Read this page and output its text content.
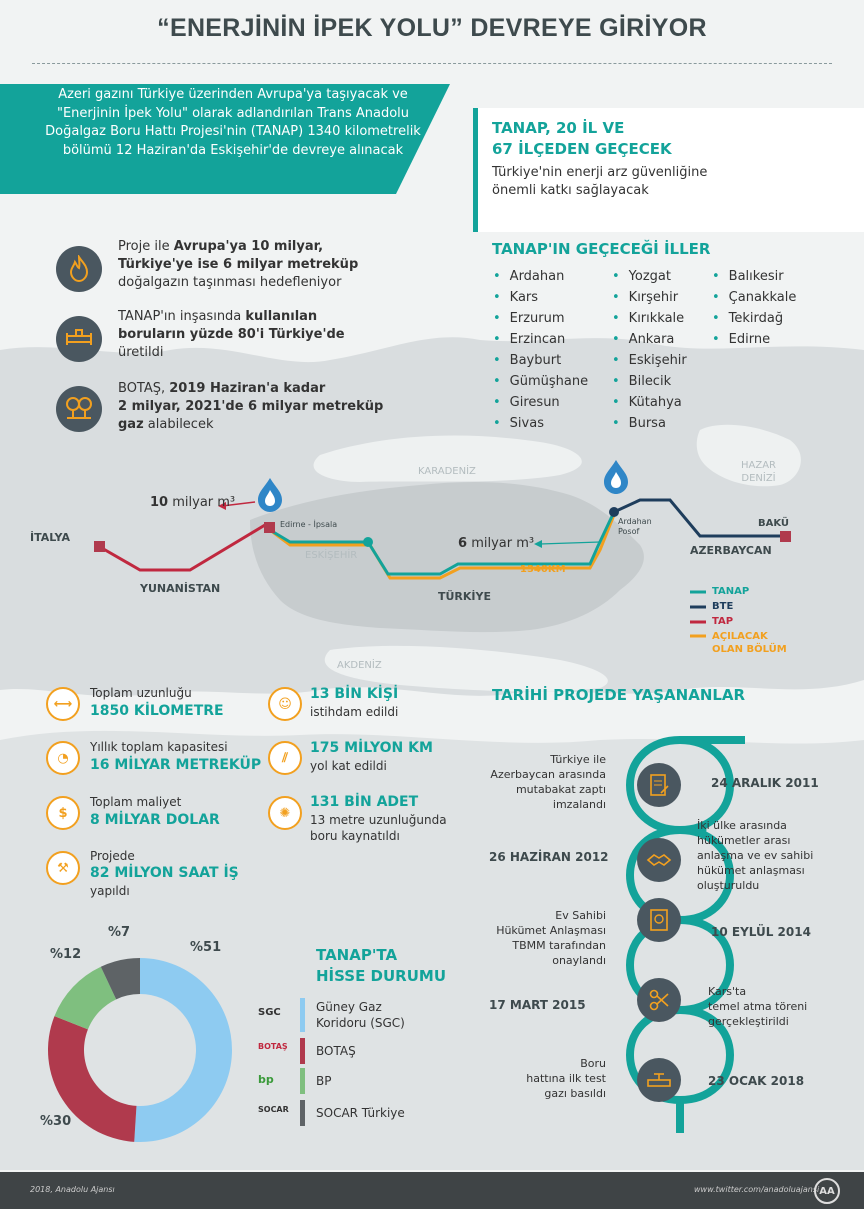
“ENERJİNİN İPEK YOLU” DEVREYE GİRİYOR
Azeri gazını Türkiye üzerinden Avrupa'ya taşıyacak ve "Enerjinin İpek Yolu" olarak adlandırılan Trans Anadolu Doğalgaz Boru Hattı Projesi'nin (TANAP) 1340 kilometrelik bölümü 12 Haziran'da Eskişehir'de devreye alınacak
TANAP, 20 İL VE
67 İLÇEDEN GEÇECEK
Türkiye'nin enerji arz güvenliğine
önemli katkı sağlayacak
TANAP'IN GEÇECEĞİ İLLER
• Ardahan
• Kars
• Erzurum
• Erzincan
• Bayburt
• Gümüşhane
• Giresun
• Sivas
• Yozgat
• Kırşehir
• Kırıkkale
• Ankara
• Eskişehir
• Bilecik
• Kütahya
• Bursa
• Balıkesir
• Çanakkale
• Tekirdağ
• Edirne
Proje ile Avrupa'ya 10 milyar,
Türkiye'ye ise 6 milyar metreküp
doğalgazın taşınması hedefleniyor
TANAP'ın inşasında kullanılan
boruların yüzde 80'i Türkiye'de
üretildi
BOTAŞ, 2019 Haziran'a kadar
2 milyar, 2021'de 6 milyar metreküp
gaz alabilecek
İTALYA
YUNANİSTAN
TÜRKİYE
AZERBAYCAN
KARADENİZ
AKDENİZ
HAZAR
DENİZİ
BAKÜ
Edirne - İpsala
ESKİŞEHİR
Ardahan
Posof
10 milyar m³
6 milyar m³
1340KM
TANAP
BTE
TAP
AÇILACAK
OLAN BÖLÜM
⟷
Toplam uzunluğu
1850 KİLOMETRE
◔
Yıllık toplam kapasitesi
16 MİLYAR METREKÜP
$
Toplam maliyet
8 MİLYAR DOLAR
⚒
Projede
82 MİLYON SAAT İŞ
yapıldı
☺
13 BİN KİŞİ
istihdam edildi
⫽
175 MİLYON KM
yol kat edildi
✺
131 BİN ADET
13 metre uzunluğunda
boru kaynatıldı
TARİHİ PROJEDE YAŞANANLAR
24 ARALIK 2011
Türkiye ile
Azerbaycan arasında
mutabakat zaptı
imzalandı
26 HAZİRAN 2012
İki ülke arasında
hükümetler arası
anlaşma ve ev sahibi
hükümet anlaşması
oluşturuldu
10 EYLÜL 2014
Ev Sahibi
Hükümet Anlaşması
TBMM tarafından
onaylandı
17 MART 2015
Kars'ta
temel atma töreni
gerçekleştirildi
23 OCAK 2018
Boru
hattına ilk test
gazı basıldı
%51
%30
%12
%7
TANAP'TA
HİSSE DURUMU
SGC	Güney Gaz
Koridoru (SGC)
BOTAŞ BOTAŞ
bp	BP
SOCAR SOCAR Türkiye
2018, Anadolu Ajansı	www.twitter.com/anadoluajansi AA
